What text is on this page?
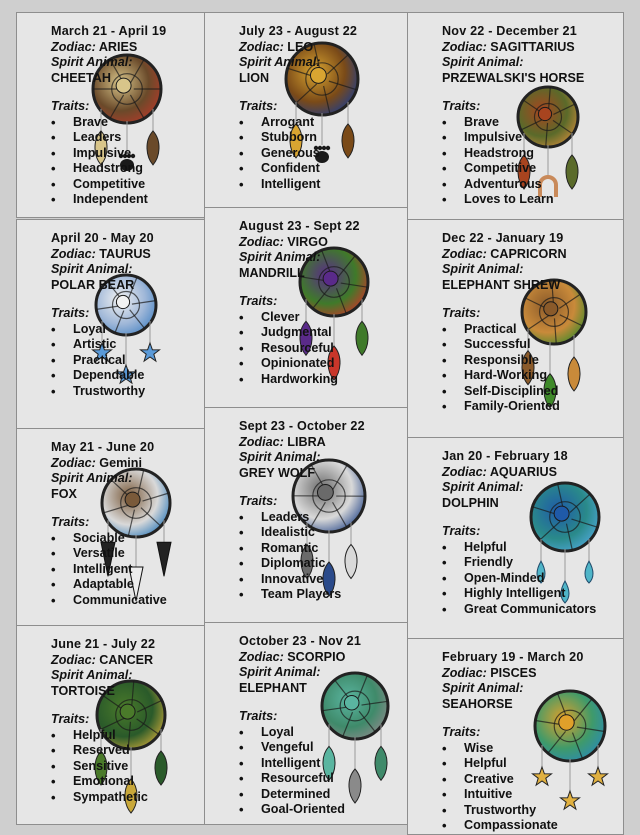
March 21 - April 19
Zodiac: ARIES
Spirit Animal:
CHEETAH
Traits:
• Brave
• Leaders
• Impulsive
• Headstrong
• Competitive
• Independent
July 23 - August 22
Zodiac: LEO
Spirit Animal:
LION
Traits:
• Arrogant
• Stubborn
• Generous
• Confident
• Intelligent
Nov 22 - December 21
Zodiac: SAGITTARIUS
Spirit Animal:
PRZEWALSKI'S HORSE
Traits:
• Brave
• Impulsive
• Headstrong
• Competitive
• Adventurous
• Loves to Learn
April 20 - May 20
Zodiac: TAURUS
Spirit Animal:
POLAR BEAR
Traits:
• Loyal
• Artistic
• Practical
• Dependable
• Trustworthy
August 23 - Sept 22
Zodiac: VIRGO
Spirit Animal:
MANDRILL
Traits:
• Clever
• Judgmental
• Resourceful
• Opinionated
• Hardworking
Dec 22 - January 19
Zodiac: CAPRICORN
Spirit Animal:
ELEPHANT SHREW
Traits:
• Practical
• Successful
• Responsible
• Hard-Working
• Self-Disciplined
• Family-Oriented
May 21 - June 20
Zodiac: Gemini
Spirit Animal:
FOX
Traits:
• Sociable
• Versatile
• Intelligent
• Adaptable
• Communicative
Sept 23 - October 22
Zodiac: LIBRA
Spirit Animal:
GREY WOLF
Traits:
• Leaders
• Idealistic
• Romantic
• Diplomatic
• Innovative
• Team Players
Jan 20 - February 18
Zodiac: AQUARIUS
Spirit Animal:
DOLPHIN
Traits:
• Helpful
• Friendly
• Open-Minded
• Highly Intelligent
• Great Communicators
June 21 - July 22
Zodiac: CANCER
Spirit Animal:
TORTOISE
Traits:
• Helpful
• Reserved
• Sensitive
• Emotional
• Sympathetic
October 23 - Nov 21
Zodiac: SCORPIO
Spirit Animal:
ELEPHANT
Traits:
• Loyal
• Vengeful
• Intelligent
• Resourceful
• Determined
• Goal-Oriented
February 19 - March 20
Zodiac: PISCES
Spirit Animal:
SEAHORSE
Traits:
• Wise
• Helpful
• Creative
• Intuitive
• Trustworthy
• Compassionate
